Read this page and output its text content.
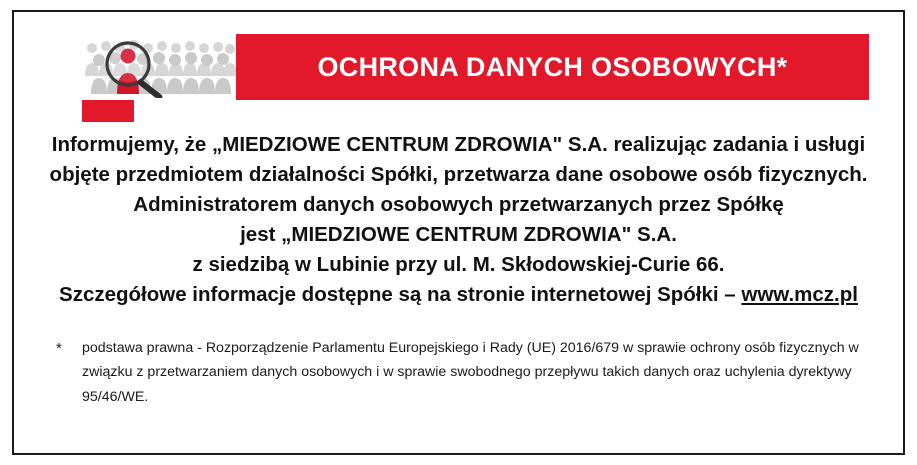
OCHRONA DANYCH OSOBOWYCH*
Informujemy, że „MIEDZIOWE CENTRUM ZDROWIA" S.A. realizując zadania i usługi
objęte przedmiotem działalności Spółki, przetwarza dane osobowe osób fizycznych.
Administratorem danych osobowych przetwarzanych przez Spółkę
jest „MIEDZIOWE CENTRUM ZDROWIA" S.A.
z siedzibą w Lubinie przy ul. M. Skłodowskiej-Curie 66.
Szczegółowe informacje dostępne są na stronie internetowej Spółki – www.mcz.pl
*	podstawa prawna - Rozporządzenie Parlamentu Europejskiego i Rady (UE) 2016/679 w sprawie ochrony osób fizycznych w związku z przetwarzaniem danych osobowych i w sprawie swobodnego przepływu takich danych oraz uchylenia dyrektywy 95/46/WE.
